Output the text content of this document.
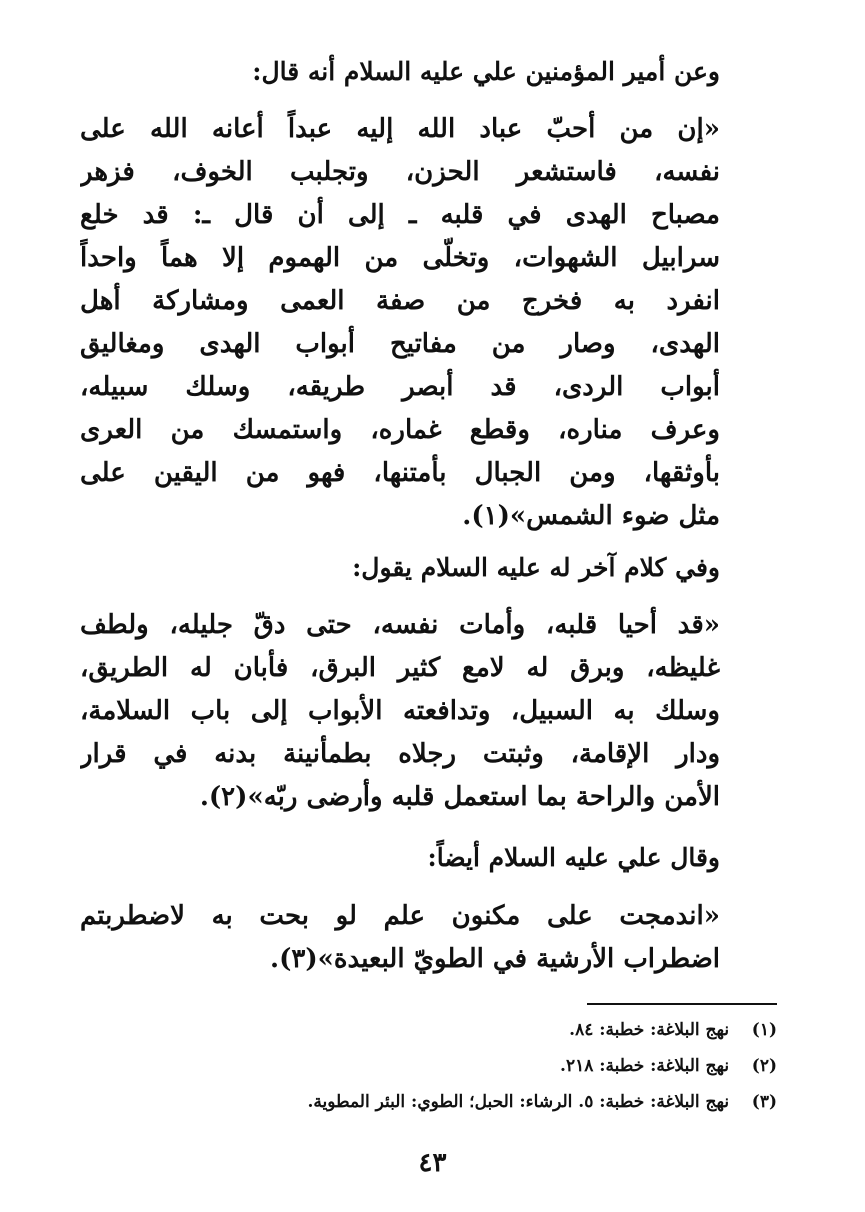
وعن أمير المؤمنين علي عليه السلام أنه قال:
«إن من أحبّ عباد الله إليه عبداً أعانه الله على
نفسه، فاستشعر الحزن، وتجلبب الخوف، فزهر
مصباح الهدى في قلبه ـ إلى أن قال ـ: قد خلع
سرابيل الشهوات، وتخلّى من الهموم إلا هماً واحداً
انفرد به فخرج من صفة العمى ومشاركة أهل
الهدى، وصار من مفاتيح أبواب الهدى ومغاليق
أبواب الردى، قد أبصر طريقه، وسلك سبيله،
وعرف مناره، وقطع غماره، واستمسك من العرى
بأوثقها، ومن الجبال بأمتنها، فهو من اليقين على
مثل ضوء الشمس»(١).
وفي كلام آخر له عليه السلام يقول:
«قد أحيا قلبه، وأمات نفسه، حتى دقّ جليله، ولطف
غليظه، وبرق له لامع كثير البرق، فأبان له الطريق،
وسلك به السبيل، وتدافعته الأبواب إلى باب السلامة،
ودار الإقامة، وثبتت رجلاه بطمأنينة بدنه في قرار
الأمن والراحة بما استعمل قلبه وأرضى ربّه»(٢).
وقال علي عليه السلام أيضاً:
«اندمجت على مكنون علم لو بحت به لاضطربتم
اضطراب الأرشية في الطويّ البعيدة»(٣).
(١) نهج البلاغة: خطبة: ٨٤.
(٢) نهج البلاغة: خطبة: ٢١٨.
(٣) نهج البلاغة: خطبة: ٥. الرشاء: الحبل؛ الطوي: البئر المطوية.
٤٣
